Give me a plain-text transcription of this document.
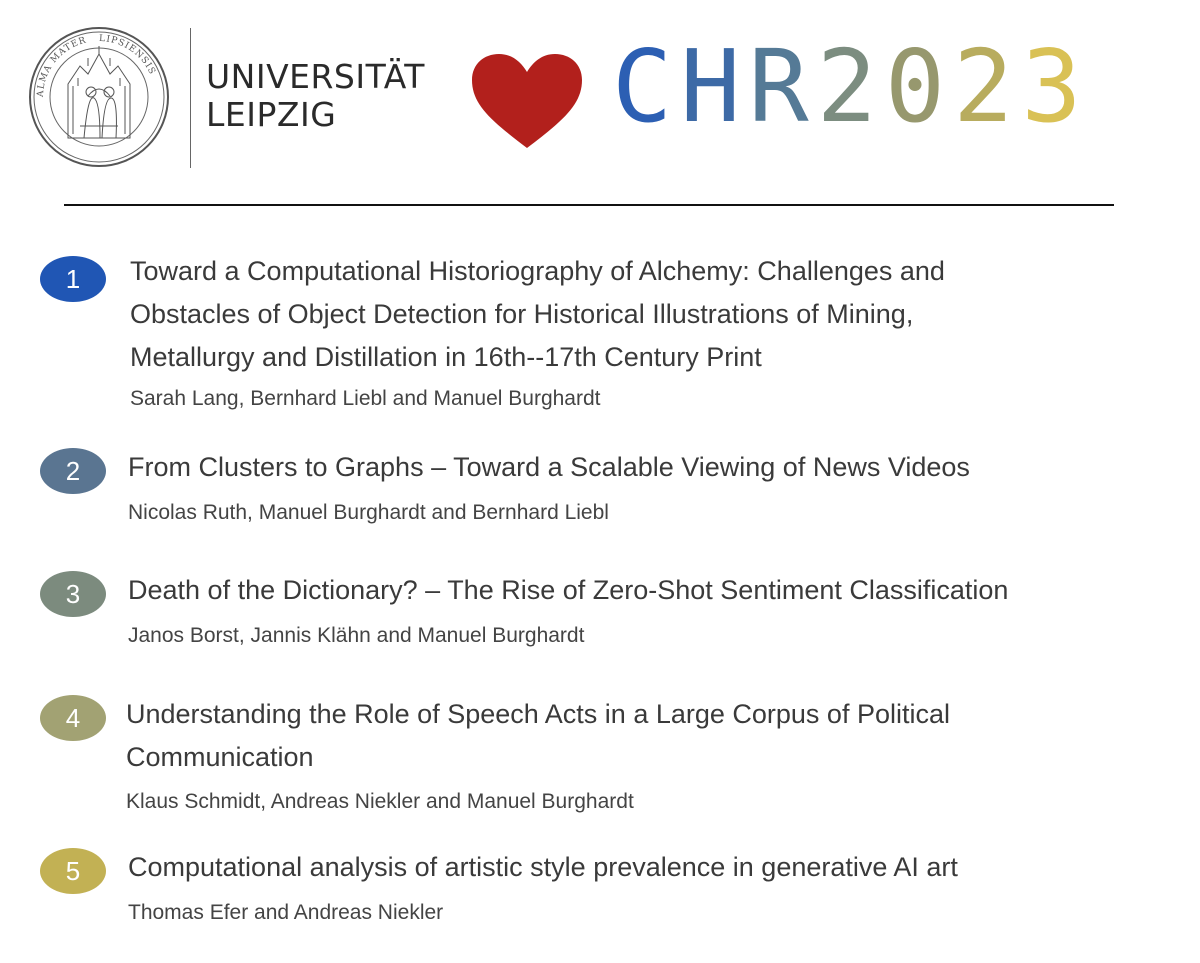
ALMA MATER LIPSIENSIS UNIVERSITÄT
LEIPZIG	CHR2023
1	Toward a Computational Historiography of Alchemy: Challenges and
Obstacles of Object Detection for Historical Illustrations of Mining,
Metallurgy and Distillation in 16th--17th Century Print
Sarah Lang, Bernhard Liebl and Manuel Burghardt
2	From Clusters to Graphs – Toward a Scalable Viewing of News Videos
Nicolas Ruth, Manuel Burghardt and Bernhard Liebl
3	Death of the Dictionary? – The Rise of Zero-Shot Sentiment Classification
Janos Borst, Jannis Klähn and Manuel Burghardt
4	Understanding the Role of Speech Acts in a Large Corpus of Political
Communication
Klaus Schmidt, Andreas Niekler and Manuel Burghardt
5	Computational analysis of artistic style prevalence in generative AI art
Thomas Efer and Andreas Niekler
